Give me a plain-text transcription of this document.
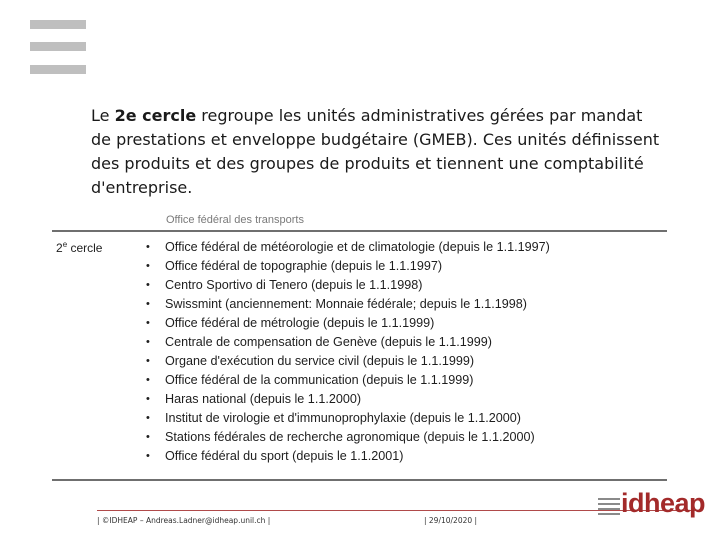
Le 2e cercle regroupe les unités administratives gérées par mandat de prestations et enveloppe budgétaire (GMEB). Ces unités définissent des produits et des groupes de produits et tiennent une comptabilité d'entreprise.

Office fédéral des transports
2e cercle	• Office fédéral de météorologie et de climatologie (depuis le 1.1.1997)
• Office fédéral de topographie (depuis le 1.1.1997)
• Centro Sportivo di Tenero (depuis le 1.1.1998)
• Swissmint (anciennement: Monnaie fédérale; depuis le 1.1.1998)
• Office fédéral de métrologie (depuis le 1.1.1999)
• Centrale de compensation de Genève (depuis le 1.1.1999)
• Organe d'exécution du service civil (depuis le 1.1.1999)
• Office fédéral de la communication (depuis le 1.1.1999)
• Haras national (depuis le 1.1.2000)
• Institut de virologie et d'immunoprophylaxie (depuis le 1.1.2000)
• Stations fédérales de recherche agronomique (depuis le 1.1.2000)
• Office fédéral du sport (depuis le 1.1.2001)
| ©IDHEAP – Andreas.Ladner@idheap.unil.ch |	| 29/10/2020 |
idheap
